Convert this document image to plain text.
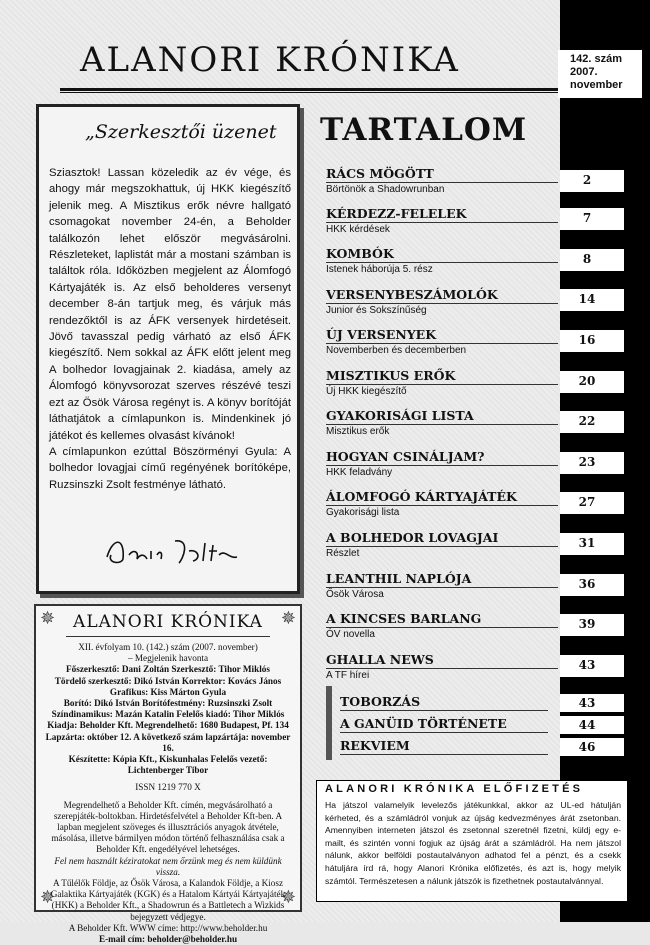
ALANORI KRÓNIKA	142. szám
2007.
november
„Szerkesztői üzenet
Sziasztok! Lassan közeledik az év vége, és ahogy már megszokhattuk, új HKK kiegészítő jelenik meg. A Misztikus erők névre hallgató csomagokat november 24-én, a Beholder találkozón lehet először megvásárolni. Részleteket, laplistát már a mostani számban is találtok róla. Időközben megjelent az Álomfogó Kártyajáték is. Az első beholderes versenyt december 8-án tartjuk meg, és várjuk más rendezőktől is az ÁFK versenyek hirdetéseit. Jövő tavasszal pedig várható az első ÁFK kiegészítő. Nem sokkal az ÁFK előtt jelent meg A bolhedor lovagjainak 2. kiadása, amely az Álomfogó könyvsorozat szerves részévé teszi ezt az Ösök Városa regényt is. A könyv borítóját láthatjátok a címlapunkon is. Mindenkinek jó játékot és kellemes olvasást kívánok!
A címlapunkon ezúttal Böszörményi Gyula: A bolhedor lovagjai című regényének borítóképe, Ruzsinszki Zsolt festménye látható.
✵	✵
✵	✵
ALANORI KRÓNIKA

XII. évfolyam 10. (142.) szám (2007. november)

– Megjelenik havonta

Főszerkesztő: Dani Zoltán Szerkesztő: Tihor Miklós

Tördelő szerkesztő: Dikó István Korrektor: Kovács János

Grafikus: Kiss Márton Gyula

Borító: Dikó István Borítófestmény: Ruzsinszki Zsolt

Színdinamikus: Mazán Katalin Felelős kiadó: Tihor Miklós

Kiadja: Beholder Kft. Megrendelhető: 1680 Budapest, Pf. 134

Lapzárta: október 12. A következő szám lapzártája: november 16.

Készítette: Kópia Kft., Kiskunhalas Felelős vezető: Lichtenberger Tibor

ISSN 1219 770 X

Megrendelhető a Beholder Kft. címén, megvásárolható a szerepjáték-boltokban. Hirdetésfelvétel a Beholder Kft-ben. A lapban megjelent szöveges és illusztrációs anyagok átvétele, másolása, illetve bármilyen módon történő felhasználása csak a Beholder Kft. engedélyével lehetséges.

Fel nem használt kéziratokat nem őrzünk meg és nem küldünk vissza.

A Tűlélők Földje, az Ősök Városa, a Kalandok Földje, a Kiosz Galaktika Kártyajáték (KGK) és a Hatalom Kártyái Kártyajáték (HKK) a Beholder Kft., a Shadowrun és a Battletech a Wizkids bejegyzett védjegye.

A Beholder Kft. WWW címe: http://www.beholder.hu

E-mail cím: beholder@beholder.hu

TARTALOM
RÁCS MÖGÖTT
Börtönök a Shadowrunban
2
KÉRDEZZ-FELELEK
HKK kérdések
7
KOMBÓK
Istenek háborúja 5. rész
8
VERSENYBESZÁMOLÓK
Junior és Sokszínűség
14
ÚJ VERSENYEK
Novemberben és decemberben
16
MISZTIKUS ERŐK
Új HKK kiegészítő
20
GYAKORISÁGI LISTA
Misztikus erők
22
HOGYAN CSINÁLJAM?
HKK feladvány
23
ÁLOMFOGÓ KÁRTYAJÁTÉK
Gyakorisági lista
27
A BOLHEDOR LOVAGJAI
Részlet
31
LEANTHIL NAPLÓJA
Ősök Városa
36
A KINCSES BARLANG
ÓV novella
39
GHALLA NEWS
A TF hírei
43
TOBORZÁS	43
A GANÜID TÖRTÉNETE	44
REKVIEM	46
ALANORI KRÓNIKA ELŐFIZETÉS
Ha játszol valamelyik levelezős játékunkkal, akkor az UL-ed hátulján kérheted, és a számládról vonjuk az újság kedvezményes árát zsetonban. Amennyiben interneten játszol és zsetonnal szeretnél fizetni, küldj egy e-mailt, és szintén vonni fogjuk az újság árát a számládról. Ha nem játszol nálunk, akkor belföldi postautalványon adhatod fel a pénzt, és a csekk hátuljára írd rá, hogy Alanori Krónika előfizetés, és azt is, hogy melyik számtól. Természetesen a nálunk játszók is fizethetnek postautalvánnyal.
